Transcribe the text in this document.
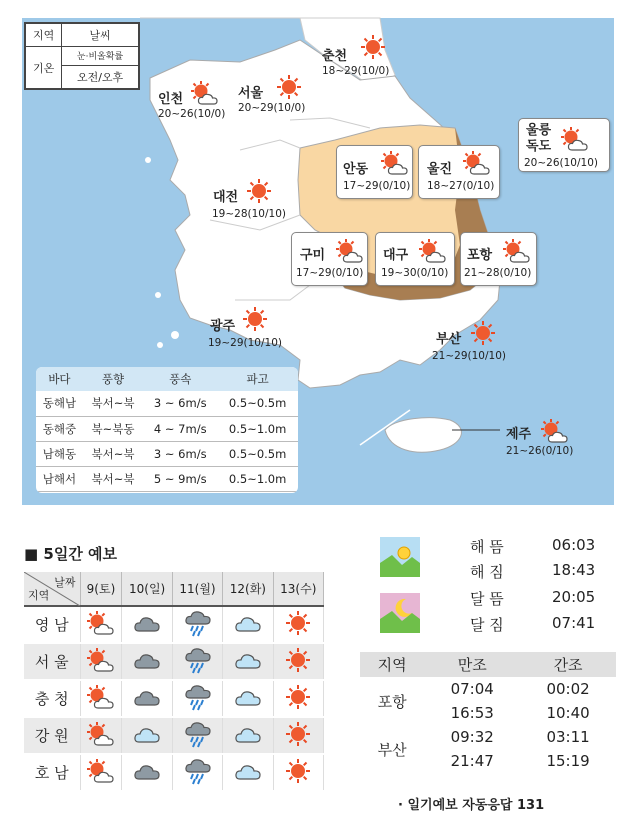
지역	날씨
기온	눈·비올확률
	오전/오후
춘천
18~29(10/0)
인천
20~26(10/0)
서울
20~29(10/0)
울릉 독도
20~26(10/10)
안동
17~29(0/10)
울진
18~27(0/10)
대전
19~28(10/10)
구미
17~29(0/10)
대구
19~30(0/10)
포항
21~28(0/10)
광주
19~29(10/10)	부산
21~29(10/10)
제주
21~26(0/10)
바다	풍향	풍속	파고
동해남	북서~북	3 ~ 6m/s	0.5~0.5m
동해중	북~북동	4 ~ 7m/s	0.5~1.0m
남해동	북서~북	3 ~ 6m/s	0.5~0.5m
남해서	북서~북	5 ~ 9m/s	0.5~1.0m
■ 5일간 예보
날짜
지역	9(토)	10(일)	11(월)	12(화)	13(수)
영 남					
서 울					
충 청					
강 원					
호 남					
해 뜸	06:03
해 짐	18:43
달 뜸	20:05
달 짐	07:41
지역	만조	간조
포항	07:04	00:02
	16:53	10:40
부산	09:32	03:11
	21:47	15:19
· 일기예보 자동응답 131
